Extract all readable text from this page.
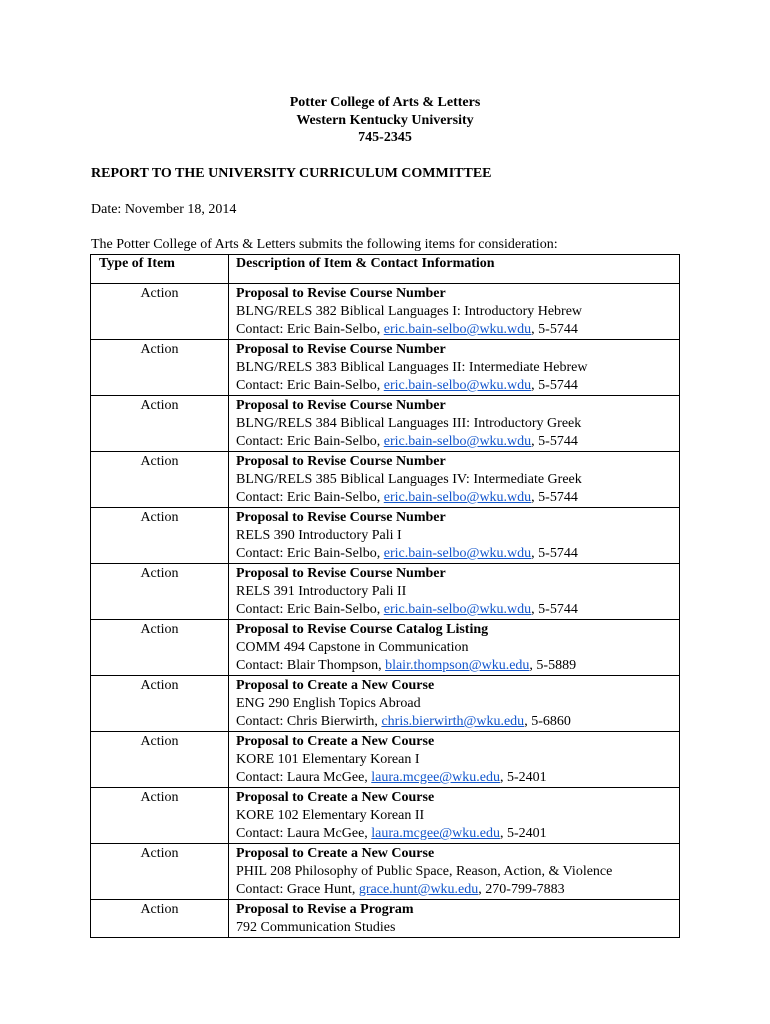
Potter College of Arts & Letters
Western Kentucky University
745-2345
REPORT TO THE UNIVERSITY CURRICULUM COMMITTEE
Date: November 18, 2014
The Potter College of Arts & Letters submits the following items for consideration:
Type of Item	Description of Item & Contact Information
Action	Proposal to Revise Course Number
BLNG/RELS 382 Biblical Languages I: Introductory Hebrew
Contact: Eric Bain-Selbo, eric.bain-selbo@wku.wdu, 5-5744

Action	Proposal to Revise Course Number
BLNG/RELS 383 Biblical Languages II: Intermediate Hebrew
Contact: Eric Bain-Selbo, eric.bain-selbo@wku.wdu, 5-5744

Action	Proposal to Revise Course Number
BLNG/RELS 384 Biblical Languages III: Introductory Greek
Contact: Eric Bain-Selbo, eric.bain-selbo@wku.wdu, 5-5744

Action	Proposal to Revise Course Number
BLNG/RELS 385 Biblical Languages IV: Intermediate Greek
Contact: Eric Bain-Selbo, eric.bain-selbo@wku.wdu, 5-5744

Action	Proposal to Revise Course Number
RELS 390 Introductory Pali I
Contact: Eric Bain-Selbo, eric.bain-selbo@wku.wdu, 5-5744

Action	Proposal to Revise Course Number
RELS 391 Introductory Pali II
Contact: Eric Bain-Selbo, eric.bain-selbo@wku.wdu, 5-5744

Action	Proposal to Revise Course Catalog Listing
COMM 494 Capstone in Communication
Contact: Blair Thompson, blair.thompson@wku.edu, 5-5889

Action	Proposal to Create a New Course
ENG 290 English Topics Abroad
Contact: Chris Bierwirth, chris.bierwirth@wku.edu, 5-6860

Action	Proposal to Create a New Course
KORE 101 Elementary Korean I
Contact: Laura McGee, laura.mcgee@wku.edu, 5-2401

Action	Proposal to Create a New Course
KORE 102 Elementary Korean II
Contact: Laura McGee, laura.mcgee@wku.edu, 5-2401

Action	Proposal to Create a New Course
PHIL 208 Philosophy of Public Space, Reason, Action, & Violence
Contact: Grace Hunt, grace.hunt@wku.edu, 270-799-7883

Action	Proposal to Revise a Program
792 Communication Studies
